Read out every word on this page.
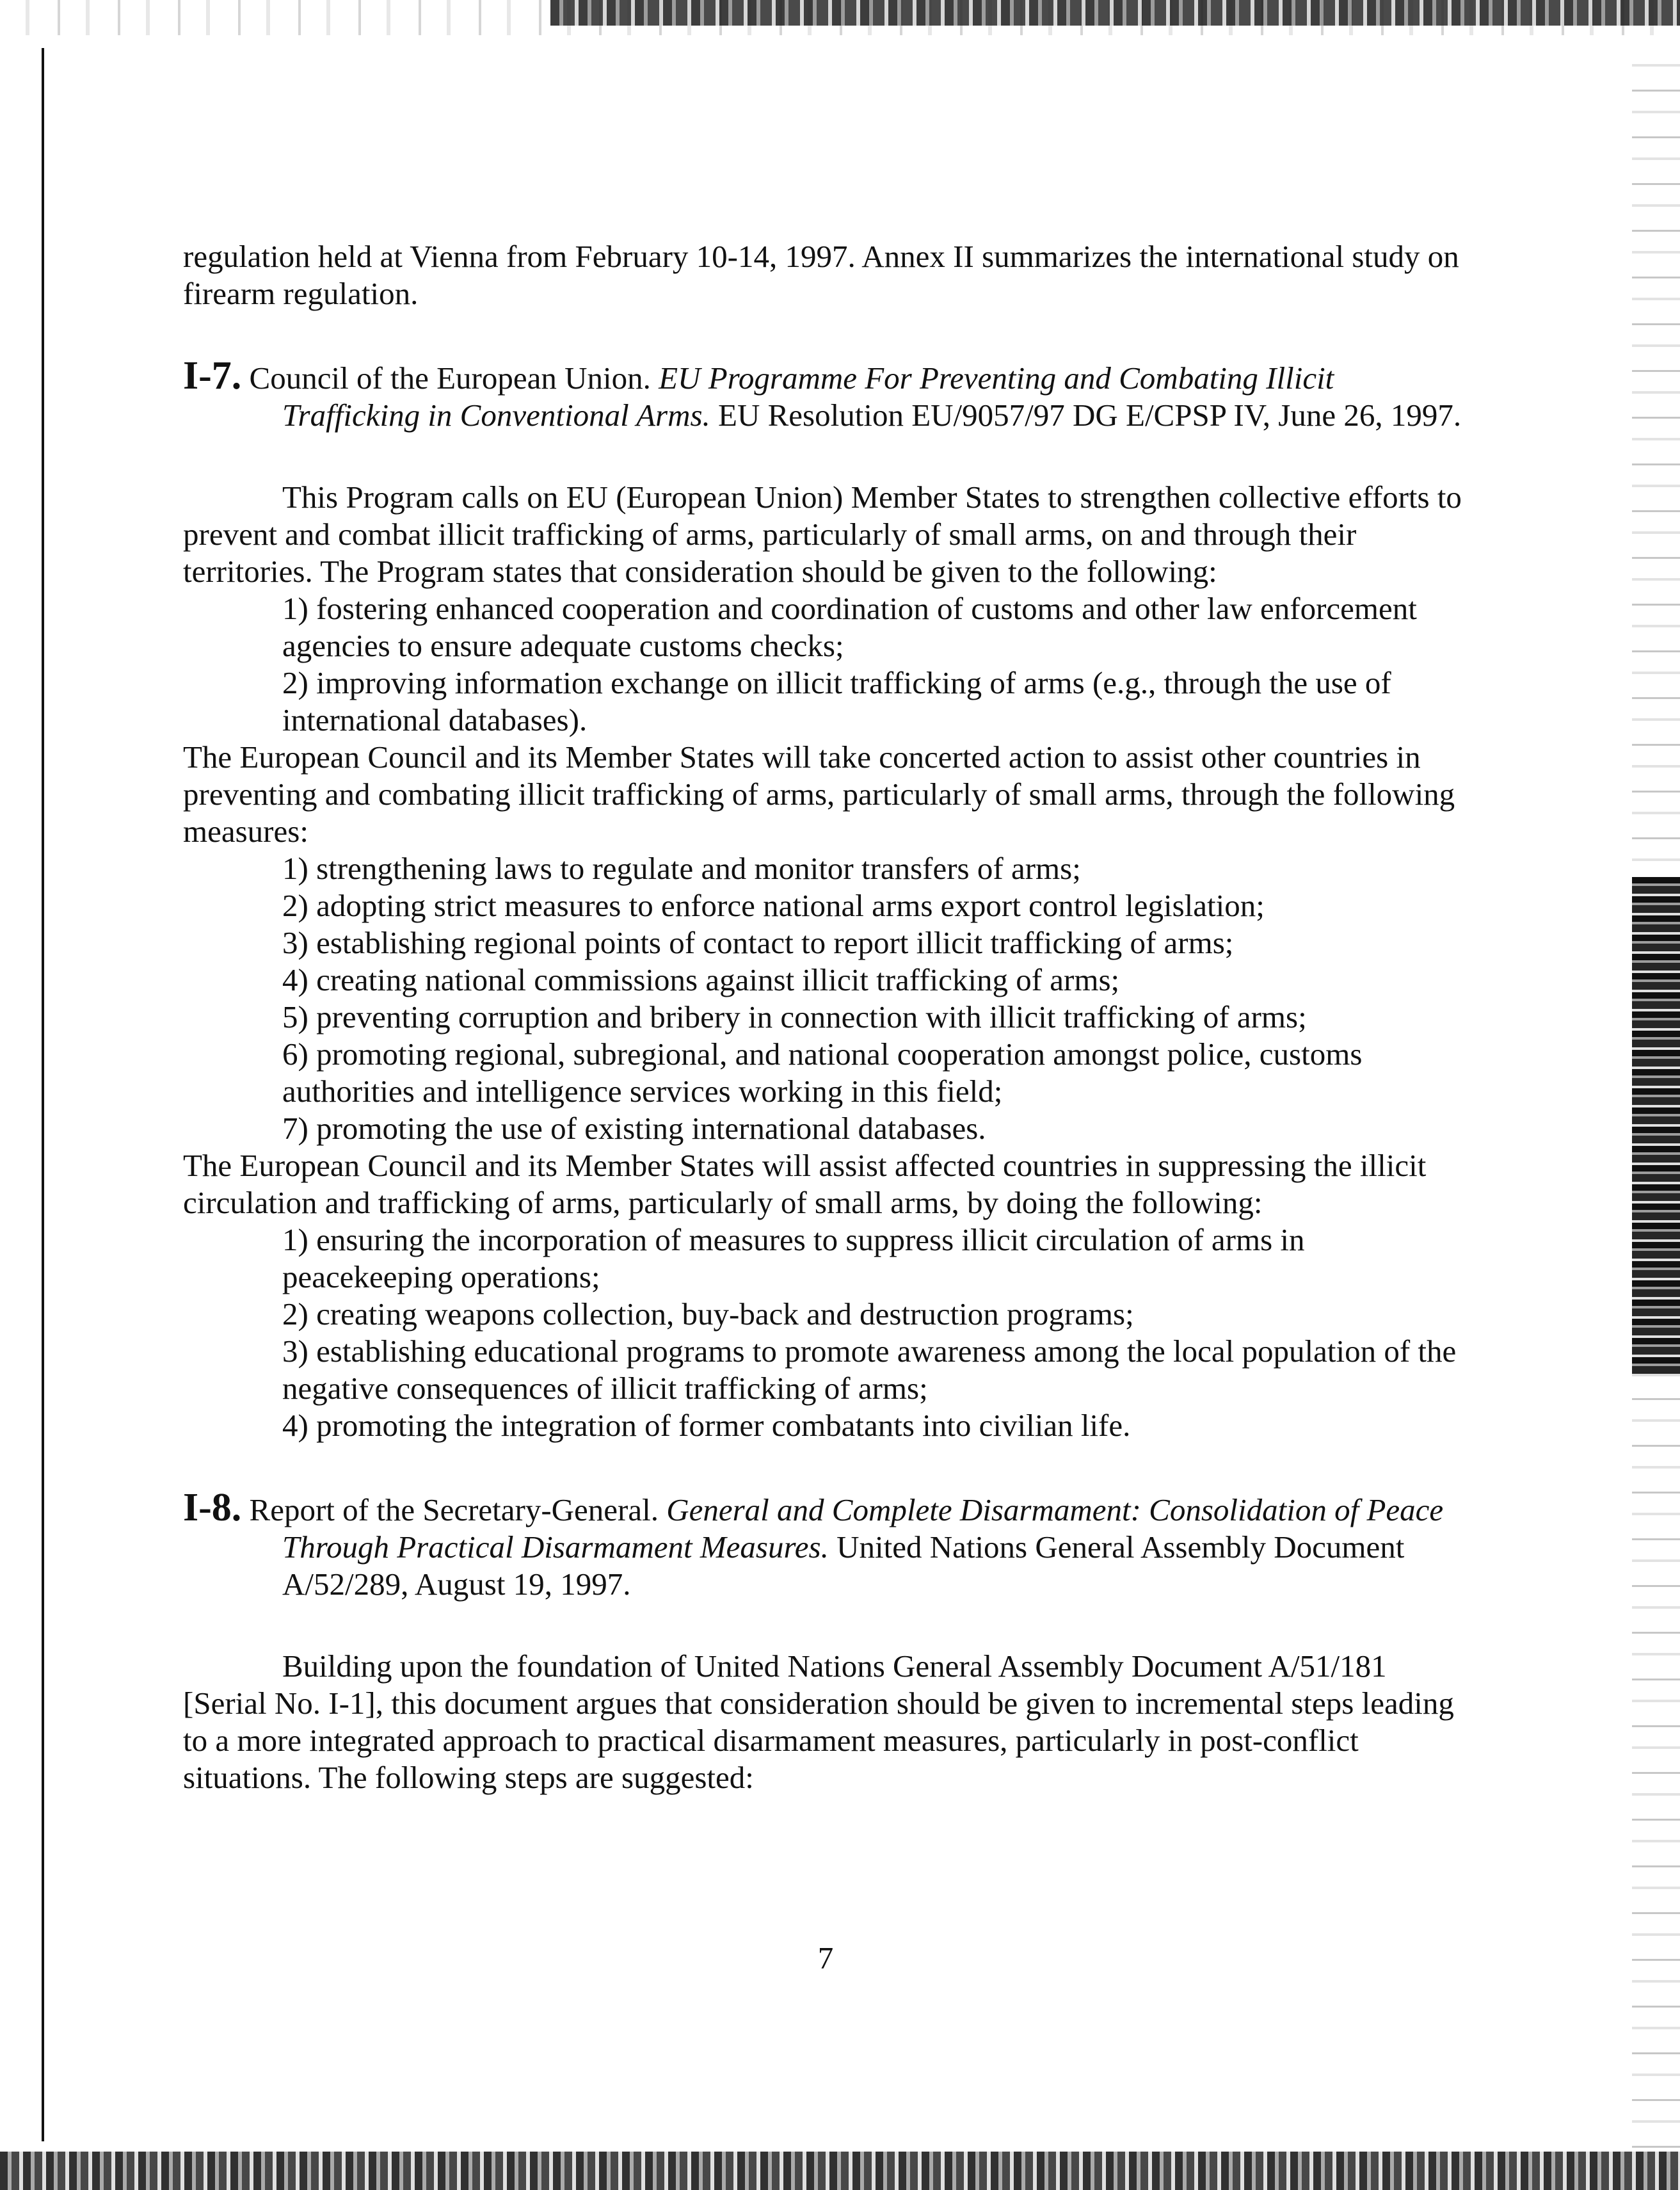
regulation held at Vienna from February 10-14, 1997. Annex II summarizes the international study on firearm regulation.

I-7. Council of the European Union. EU Programme For Preventing and Combating Illicit Trafficking in Conventional Arms. EU Resolution EU/9057/97 DG E/CPSP IV, June 26, 1997.

This Program calls on EU (European Union) Member States to strengthen collective efforts to prevent and combat illicit trafficking of arms, particularly of small arms, on and through their territories. The Program states that consideration should be given to the following:

1) fostering enhanced cooperation and coordination of customs and other law enforcement agencies to ensure adequate customs checks;

2) improving information exchange on illicit trafficking of arms (e.g., through the use of international databases).

The European Council and its Member States will take concerted action to assist other countries in preventing and combating illicit trafficking of arms, particularly of small arms, through the following measures:

1) strengthening laws to regulate and monitor transfers of arms;

2) adopting strict measures to enforce national arms export control legislation;

3) establishing regional points of contact to report illicit trafficking of arms;

4) creating national commissions against illicit trafficking of arms;

5) preventing corruption and bribery in connection with illicit trafficking of arms;

6) promoting regional, subregional, and national cooperation amongst police, customs authorities and intelligence services working in this field;

7) promoting the use of existing international databases.

The European Council and its Member States will assist affected countries in suppressing the illicit circulation and trafficking of arms, particularly of small arms, by doing the following:

1) ensuring the incorporation of measures to suppress illicit circulation of arms in peacekeeping operations;

2) creating weapons collection, buy-back and destruction programs;

3) establishing educational programs to promote awareness among the local population of the negative consequences of illicit trafficking of arms;

4) promoting the integration of former combatants into civilian life.

I-8. Report of the Secretary-General. General and Complete Disarmament: Consolidation of Peace Through Practical Disarmament Measures. United Nations General Assembly Document A/52/289, August 19, 1997.

Building upon the foundation of United Nations General Assembly Document A/51/181 [Serial No. I-1], this document argues that consideration should be given to incremental steps leading to a more integrated approach to practical disarmament measures, particularly in post-conflict situations. The following steps are suggested:

7
